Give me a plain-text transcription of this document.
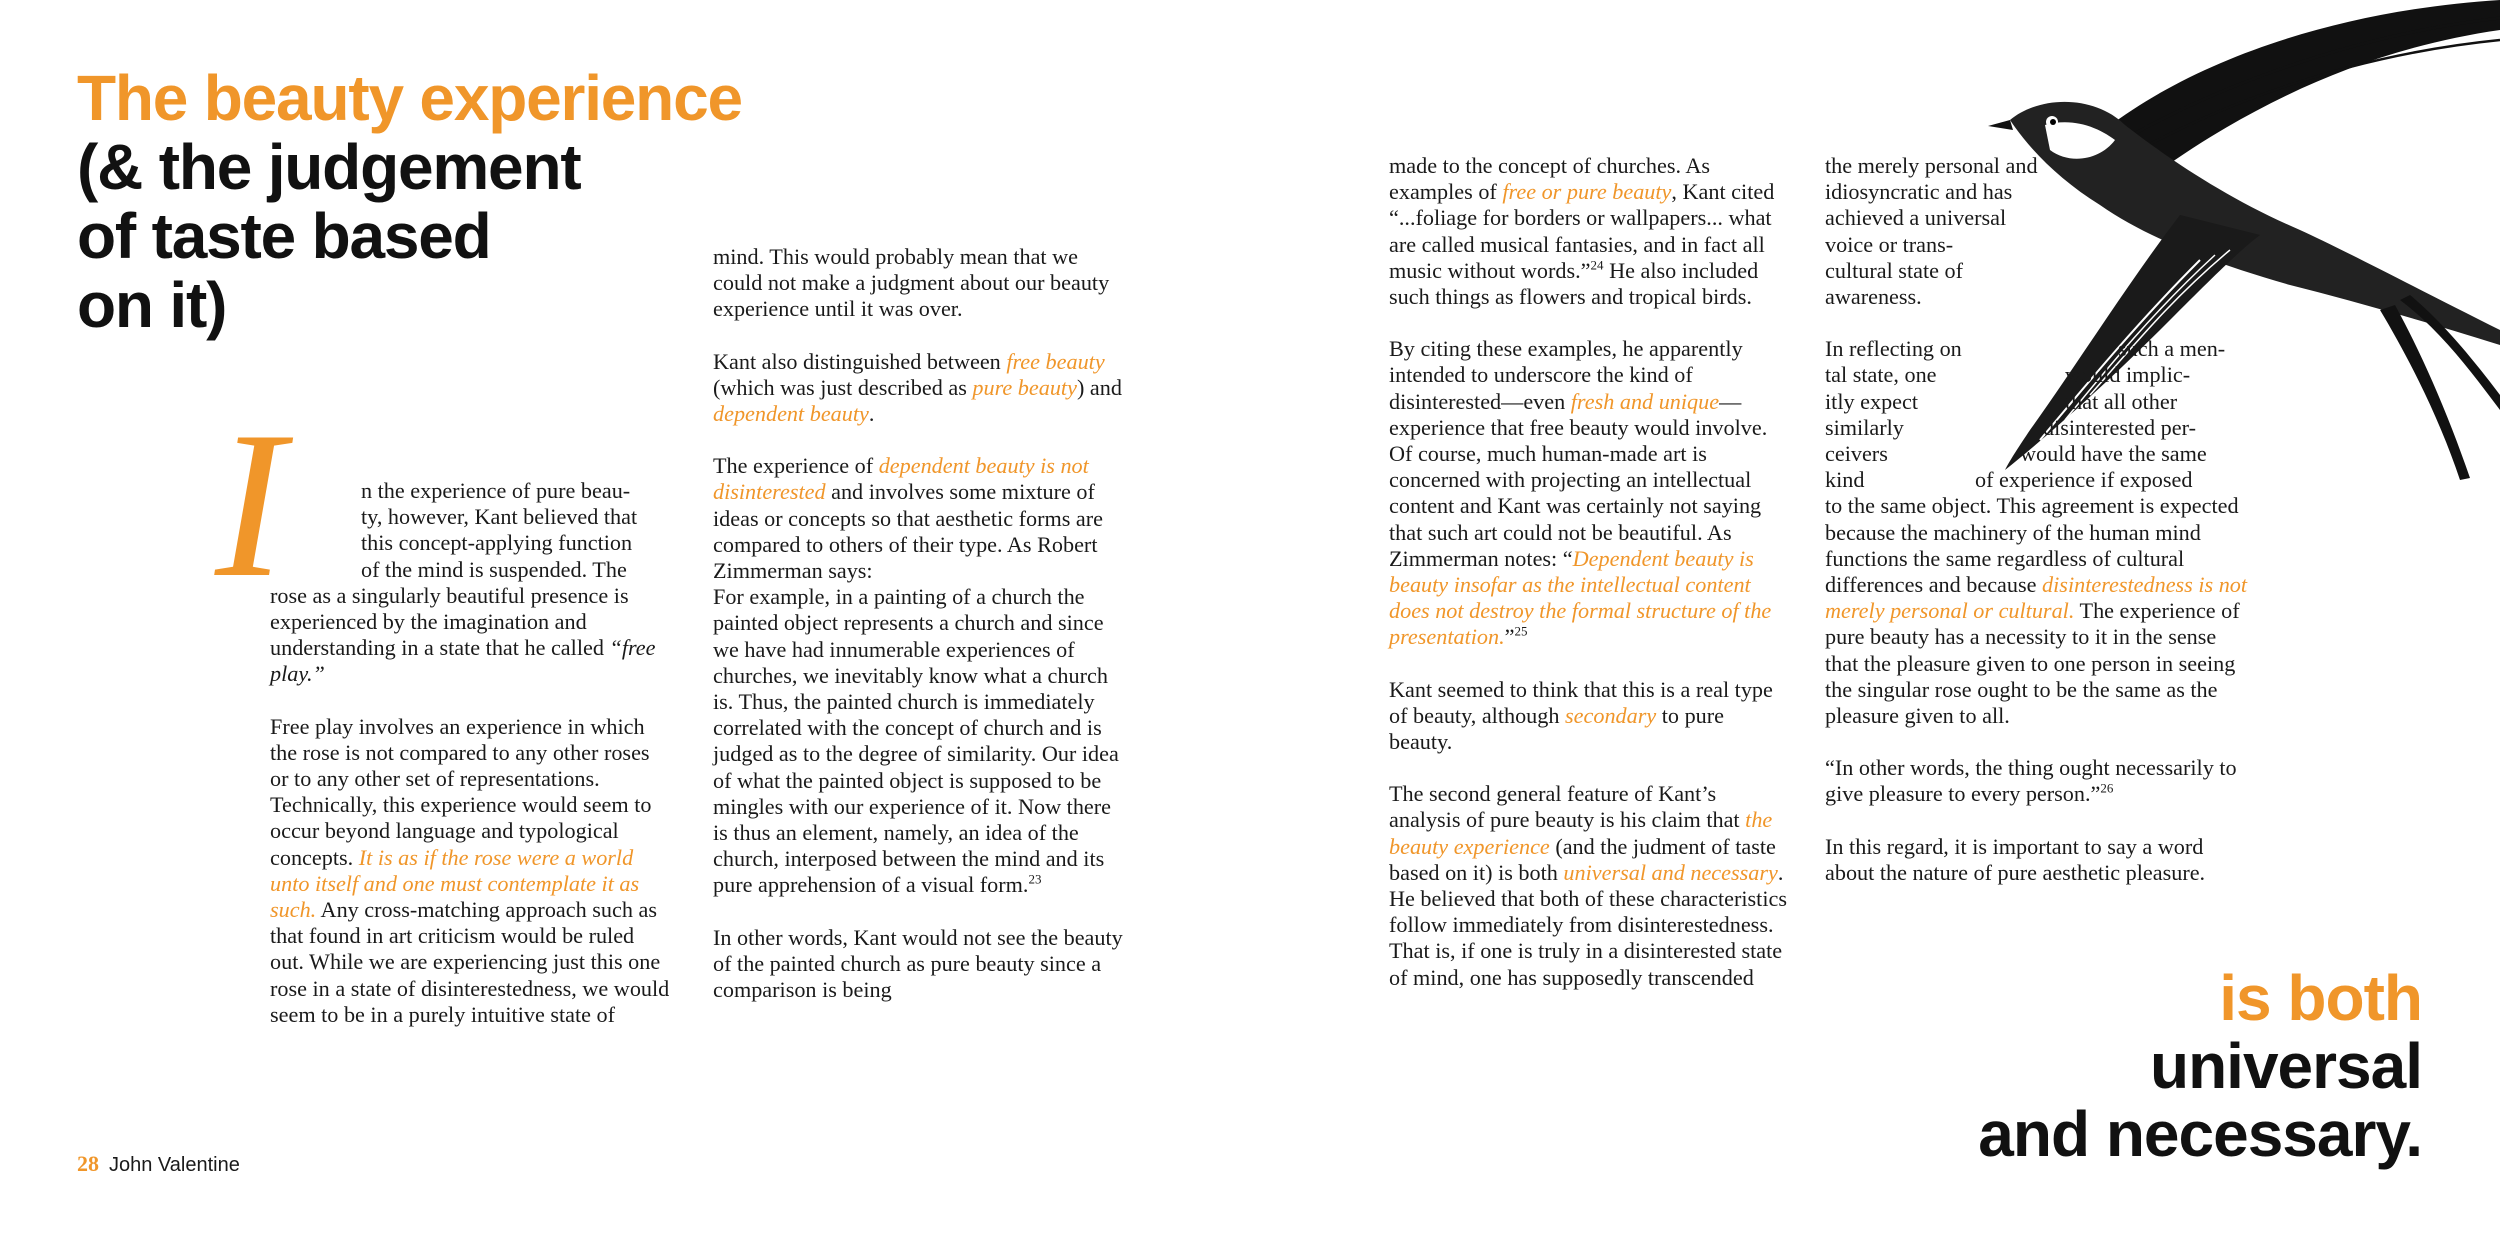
The beauty experience
(& the judgement
of taste based
on it)
I	n the experience of pure beau-
ty, however, Kant believed that
this concept-applying function
of the mind is suspended. The
rose as a singularly beautiful presence is experienced by the imagination and understanding in a state that he called “free play.”

Free play involves an experience in which the rose is not compared to any other roses or to any other set of representations. Technically, this experience would seem to occur beyond language and typological concepts. It is as if the rose were a world unto itself and one must contemplate it as such. Any cross-matching approach such as that found in art criticism would be ruled out. While we are experiencing just this one rose in a state of disinterestedness, we would seem to be in a purely intuitive state of

mind. This would probably mean that we could not make a judgment about our beauty experience until it was over.

Kant also distinguished between free beauty (which was just described as pure beauty) and dependent beauty.

The experience of dependent beauty is not disinterested and involves some mixture of ideas or concepts so that aesthetic forms are compared to others of their type. As Robert Zimmerman says:
For example, in a painting of a church the painted object represents a church and since we have had innumerable experiences of churches, we inevitably know what a church is. Thus, the painted church is immediately correlated with the concept of church and is judged as to the degree of similarity. Our idea of what the painted object is supposed to be mingles with our experience of it. Now there is thus an element, namely, an idea of the church, interposed between the mind and its pure apprehension of a visual form.$^{23}$

In other words, Kant would not see the beauty of the painted church as pure beauty since a comparison is being

made to the concept of churches. As examples of free or pure beauty, Kant cited “...foliage for borders or wallpapers... what are called musical fantasies, and in fact all music without words.”$^{24}$ He also included such things as flowers and tropical birds.

By citing these examples, he apparently intended to underscore the kind of disinterested—even fresh and unique—experience that free beauty would involve. Of course, much human-made art is concerned with projecting an intellectual content and Kant was certainly not saying that such art could not be beautiful. As Zimmerman notes: “Dependent beauty is beauty insofar as the intellectual content does not destroy the formal structure of the presentation.”$^{25}$

Kant seemed to think that this is a real type of beauty, although secondary to pure beauty.

The second general feature of Kant’s analysis of pure beauty is his claim that the beauty experience (and the judment of taste based on it) is both universal and necessary. He believed that both of these characteristics follow immediately from disinterestedness. That is, if one is truly in a disinterested state of mind, one has supposedly transcended

the merely personal and
idiosyncratic and has
achieved a universal
voice or trans-
cultural state of
awareness.

In reflecting on	such a men-
tal state, one	would implic-
itly expect	that all other
similarly	disinterested per-
ceivers	would have the same
kind	of experience if exposed
to the same object. This agreement is expected because the machinery of the human mind functions the same regardless of cultural differences and because disinterestedness is not merely personal or cultural. The experience of pure beauty has a necessity to it in the sense that the pleasure given to one person in seeing the singular rose ought to be the same as the pleasure given to all.

“In other words, the thing ought necessarily to give pleasure to every person.”$^{26}$

In this regard, it is important to say a word about the nature of pure aesthetic pleasure.

is both
universal
and necessary.
28 John Valentine
